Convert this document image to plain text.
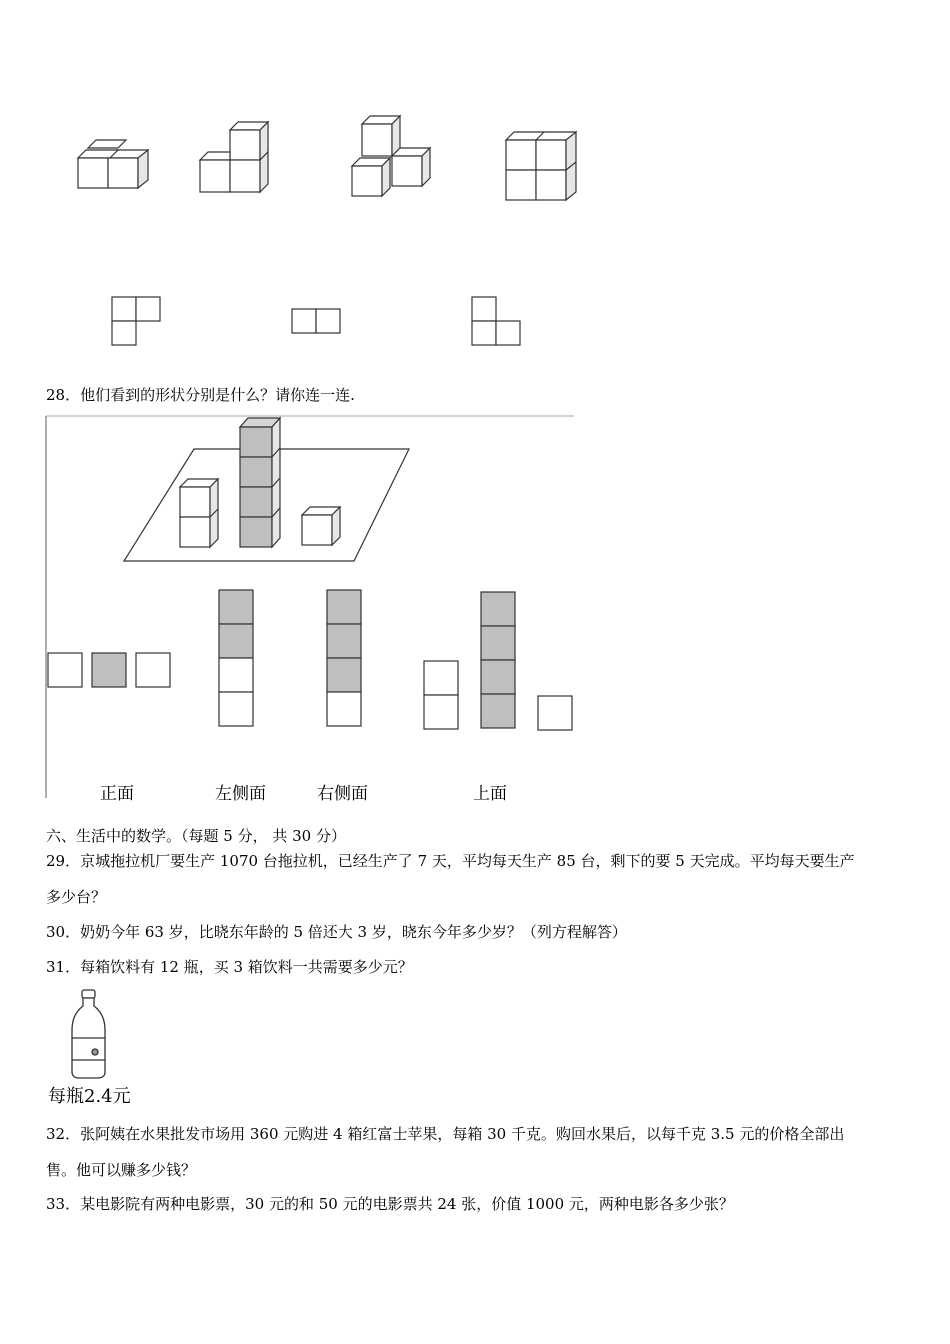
28．他们看到的形状分别是什么？请你连一连.
正面	左侧面	右侧面	上面
六、生活中的数学。（每题 5 分， 共 30 分）
29．京城拖拉机厂要生产 1070 台拖拉机，已经生产了 7 天，平均每天生产 85 台，剩下的要 5 天完成。平均每天要生产
多少台？
30．奶奶今年 63 岁，比晓东年龄的 5 倍还大 3 岁，晓东今年多少岁？（列方程解答）
31．每箱饮料有 12 瓶，买 3 箱饮料一共需要多少元？
每瓶2.4元
32．张阿姨在水果批发市场用 360 元购进 4 箱红富士苹果，每箱 30 千克。购回水果后，以每千克 3.5 元的价格全部出
售。他可以赚多少钱？
33．某电影院有两种电影票，30 元的和 50 元的电影票共 24 张，价值 1000 元，两种电影各多少张？
